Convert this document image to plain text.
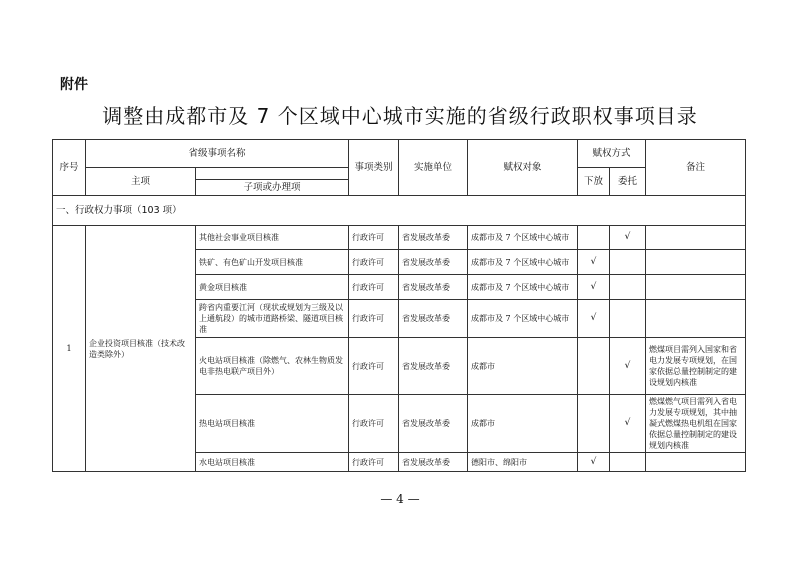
附件
调整由成都市及 7 个区域中心城市实施的省级行政职权事项目录
序号	省级事项名称		事项类别	实施单位	赋权对象	赋权方式		备注
	主项					下放	委托	
		子项或办理项						
一、行政权力事项（103 项）								
1	企业投资项目核准（技术改造类除外）	其他社会事业项目核准	行政许可	省发展改革委	成都市及 7 个区域中心城市		√	
		铁矿、有色矿山开发项目核准	行政许可	省发展改革委	成都市及 7 个区域中心城市	√		
		黄金项目核准	行政许可	省发展改革委	成都市及 7 个区域中心城市	√		
		跨省内重要江河（现状或规划为三级及以上通航段）的城市道路桥梁、隧道项目核准	行政许可	省发展改革委	成都市及 7 个区域中心城市	√		
		火电站项目核准（除燃气、农林生物质发电非热电联产项目外）	行政许可	省发展改革委	成都市		√	燃煤项目需列入国家和省电力发展专项规划，在国家依据总量控制制定的建设规划内核准
		热电站项目核准	行政许可	省发展改革委	成都市		√	燃煤燃气项目需列入省电力发展专项规划，其中抽凝式燃煤热电机组在国家依据总量控制制定的建设规划内核准
		水电站项目核准	行政许可	省发展改革委	德阳市、绵阳市	√		
— 4 —
